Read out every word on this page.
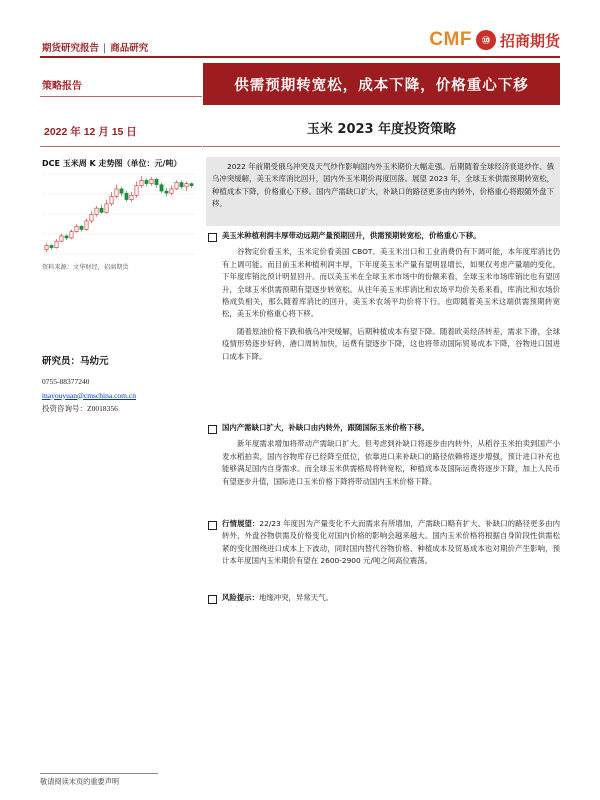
期货研究报告 | 商品研究	CMF ⑩ 招商期货
策略报告
2022 年 12 月 15 日
供需预期转宽松，成本下降，价格重心下移
玉米 2023 年度投资策略
DCE 玉米周 K 走势图（单位：元/吨）
资料来源：文华财经，招商期货
研究员：马幼元
0755-88377240
mayouyuan@cmschina.com.cn
投资咨询号：Z0018356
2022 年前期受俄乌冲突及天气炒作影响国内外玉米期价大幅走强。后期随着全球经济衰退炒作、俄乌冲突缓解，美玉米库消比回升，国内外玉米期价再度回落。展望 2023 年，全球玉米供需预期转宽松，种植成本下降，价格重心下移。国内产需缺口扩大，补缺口的路径更多由内转外，价格重心将跟随外盘下移。
美玉米种植利润丰厚带动远期产量预期回升，供需预期转宽松，价格重心下移。
谷物定价看玉米，玉米定价看美国 CBOT。美玉米出口和工业消费仍有下调可能，本年度库消比仍有上调可能。而目前玉米种植利润丰厚，下年度美玉米产量有望明显增长，如果仅考虑产量端的变化，下年度库销比预计明显回升。而以美玉米在全球玉米市场中的份额来看，全球玉米市场库销比也有望回升，全球玉米供需预期有望逐步转宽松。从往年美玉米库消比和农场平均价关系来看，库消比和农场价格成负相关，那么随着库消比的回升，美玉米农场平均价将下行。也即随着美玉米这端供需预期转宽松，美玉米价格重心将下移。
随着原油价格下跌和俄乌冲突缓解，后期种植成本有望下降。随着欧美经济转差，需求下滑，全球疫情形势逐步好转，港口周转加快，运费有望逐步下降，这也将带动国际贸易成本下降，谷物进口国进口成本下降。
国内产需缺口扩大，补缺口由内转外，跟随国际玉米价格下移。
新年度需求增加将带动产需缺口扩大。但考虑到补缺口将逐步由内转外，从稻谷玉米拍卖到国产小麦水稻拍卖，国内谷物库存已经降至低位，依靠进口来补缺口的路径依赖将逐步增强，预计进口补充也能够满足国内自身需求。而全球玉米供需格局将转宽松，种植成本及国际运费将逐步下降，加上人民币有望逐步升值，国际进口玉米价格下降将带动国内玉米价格下降。
行情展望：22/23 年度因为产量变化不大而需求有所增加，产需缺口略有扩大。补缺口的路径更多由内转外，外盘谷物供需及价格变化对国内价格的影响会越来越大。国内玉米价格将根据自身阶段性供需松紧的变化围绕进口成本上下波动，同时国内替代谷物价格、种植成本及贸易成本也对期价产生影响，预计本年度国内玉米期价有望在 2600-2900 元/吨之间高位震荡。
风险提示：地缘冲突，异常天气。
敬请阅读末页的重要声明
